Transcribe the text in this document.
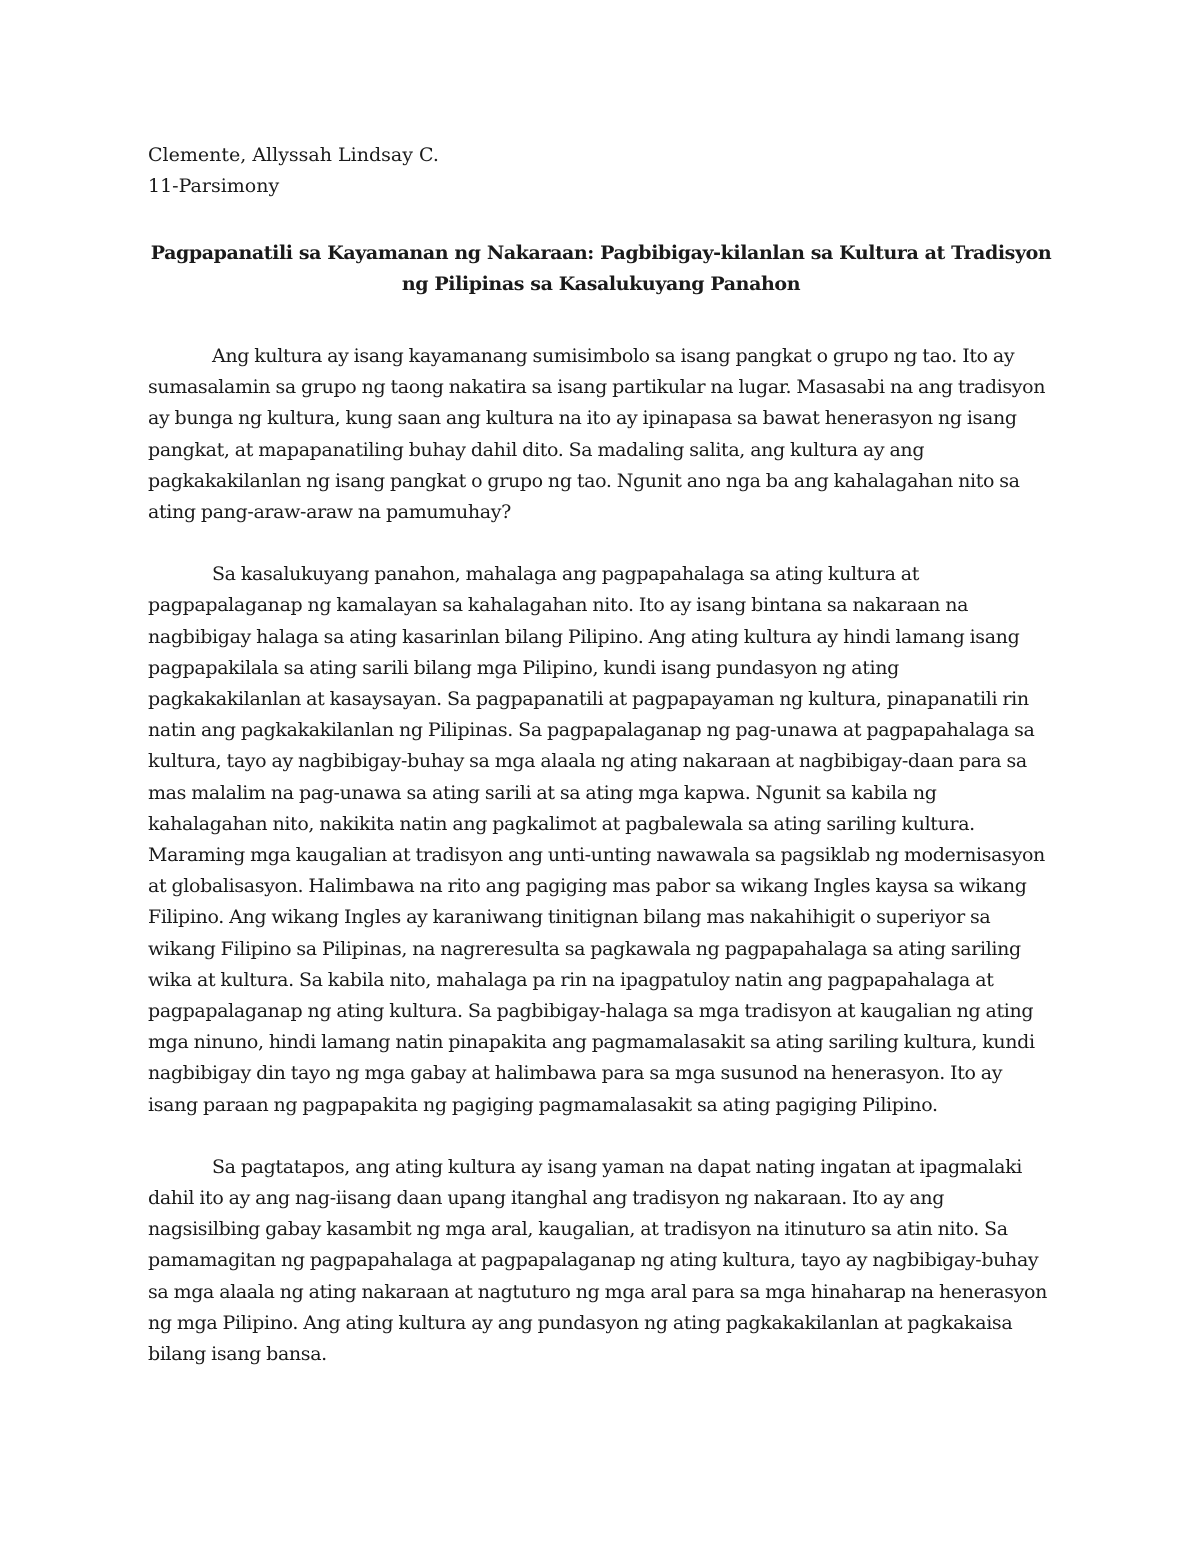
Clemente, Allyssah Lindsay C.
11-Parsimony
Pagpapanatili sa Kayamanan ng Nakaraan: Pagbibigay-kilanlan sa Kultura at Tradisyon ng Pilipinas sa Kasalukuyang Panahon

Ang kultura ay isang kayamanang sumisimbolo sa isang pangkat o grupo ng tao. Ito ay sumasalamin sa grupo ng taong nakatira sa isang partikular na lugar. Masasabi na ang tradisyon ay bunga ng kultura, kung saan ang kultura na ito ay ipinapasa sa bawat henerasyon ng isang pangkat, at mapapanatiling buhay dahil dito. Sa madaling salita, ang kultura ay ang pagkakakilanlan ng isang pangkat o grupo ng tao. Ngunit ano nga ba ang kahalagahan nito sa ating pang-araw-araw na pamumuhay?

Sa kasalukuyang panahon, mahalaga ang pagpapahalaga sa ating kultura at pagpapalaganap ng kamalayan sa kahalagahan nito. Ito ay isang bintana sa nakaraan na nagbibigay halaga sa ating kasarinlan bilang Pilipino. Ang ating kultura ay hindi lamang isang pagpapakilala sa ating sarili bilang mga Pilipino, kundi isang pundasyon ng ating pagkakakilanlan at kasaysayan. Sa pagpapanatili at pagpapayaman ng kultura, pinapanatili rin natin ang pagkakakilanlan ng Pilipinas. Sa pagpapalaganap ng pag-unawa at pagpapahalaga sa kultura, tayo ay nagbibigay-buhay sa mga alaala ng ating nakaraan at nagbibigay-daan para sa mas malalim na pag-unawa sa ating sarili at sa ating mga kapwa. Ngunit sa kabila ng kahalagahan nito, nakikita natin ang pagkalimot at pagbalewala sa ating sariling kultura. Maraming mga kaugalian at tradisyon ang unti-unting nawawala sa pagsiklab ng modernisasyon at globalisasyon. Halimbawa na rito ang pagiging mas pabor sa wikang Ingles kaysa sa wikang Filipino. Ang wikang Ingles ay karaniwang tinitignan bilang mas nakahihigit o superiyor sa wikang Filipino sa Pilipinas, na nagreresulta sa pagkawala ng pagpapahalaga sa ating sariling wika at kultura. Sa kabila nito, mahalaga pa rin na ipagpatuloy natin ang pagpapahalaga at pagpapalaganap ng ating kultura. Sa pagbibigay-halaga sa mga tradisyon at kaugalian ng ating mga ninuno, hindi lamang natin pinapakita ang pagmamalasakit sa ating sariling kultura, kundi nagbibigay din tayo ng mga gabay at halimbawa para sa mga susunod na henerasyon. Ito ay isang paraan ng pagpapakita ng pagiging pagmamalasakit sa ating pagiging Pilipino.

Sa pagtatapos, ang ating kultura ay isang yaman na dapat nating ingatan at ipagmalaki dahil ito ay ang nag-iisang daan upang itanghal ang tradisyon ng nakaraan. Ito ay ang nagsisilbing gabay kasambit ng mga aral, kaugalian, at tradisyon na itinuturo sa atin nito. Sa pamamagitan ng pagpapahalaga at pagpapalaganap ng ating kultura, tayo ay nagbibigay-buhay sa mga alaala ng ating nakaraan at nagtuturo ng mga aral para sa mga hinaharap na henerasyon ng mga Pilipino. Ang ating kultura ay ang pundasyon ng ating pagkakakilanlan at pagkakaisa bilang isang bansa.
